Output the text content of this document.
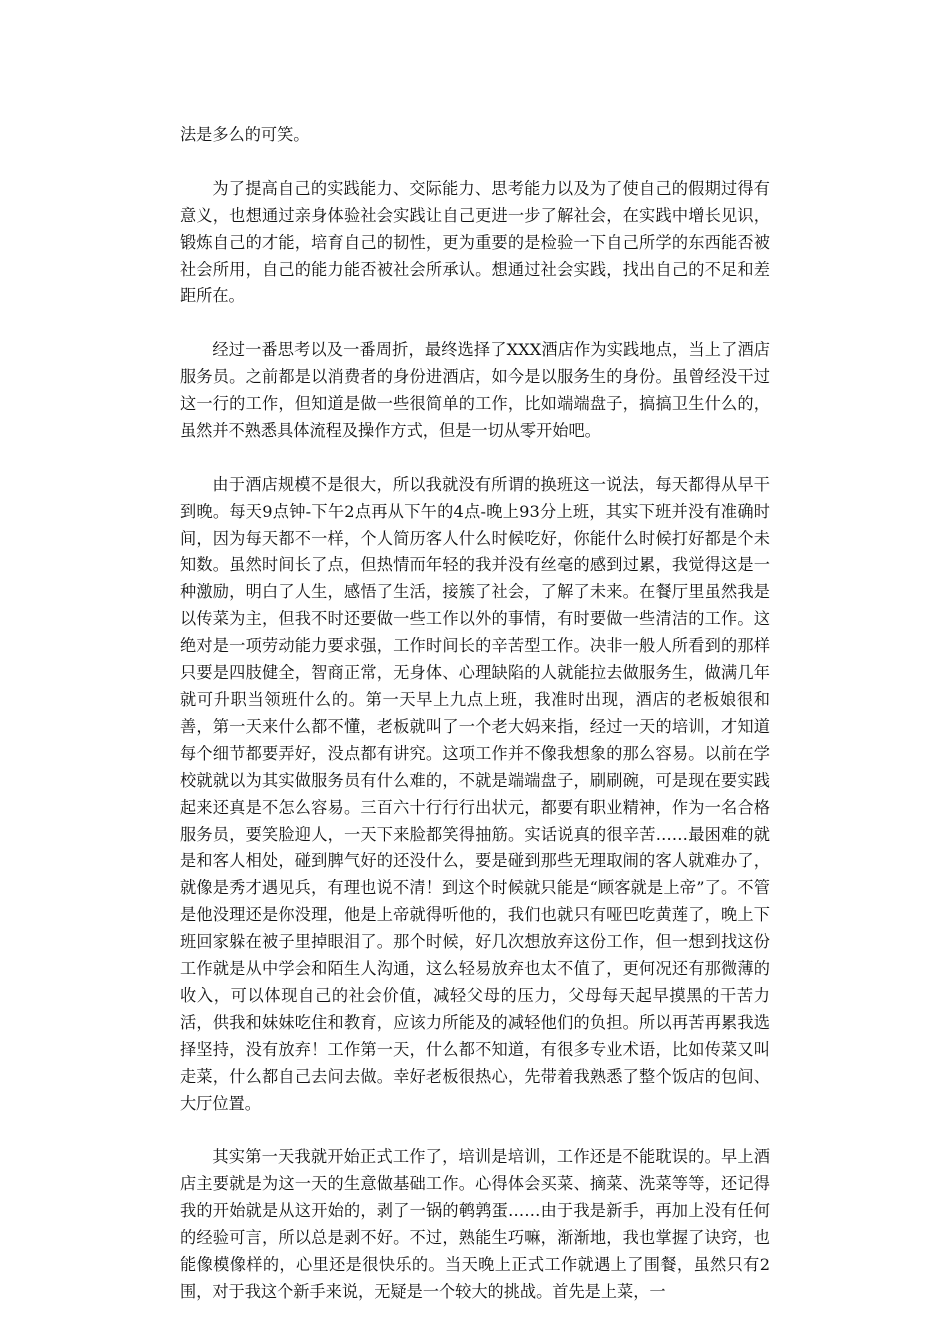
法是多么的可笑。

为了提高自己的实践能力、交际能力、思考能力以及为了使自己的假期过得有意义，也想通过亲身体验社会实践让自己更进一步了解社会，在实践中增长见识，锻炼自己的才能，培育自己的韧性，更为重要的是检验一下自己所学的东西能否被社会所用，自己的能力能否被社会所承认。想通过社会实践，找出自己的不足和差距所在。

经过一番思考以及一番周折，最终选择了XXX酒店作为实践地点，当上了酒店服务员。之前都是以消费者的身份进酒店，如今是以服务生的身份。虽曾经没干过这一行的工作，但知道是做一些很简单的工作，比如端端盘子，搞搞卫生什么的，虽然并不熟悉具体流程及操作方式，但是一切从零开始吧。

由于酒店规模不是很大，所以我就没有所谓的换班这一说法，每天都得从早干到晚。每天9点钟-下午2点再从下午的4点-晚上93分上班，其实下班并没有准确时间，因为每天都不一样，个人简历客人什么时候吃好，你能什么时候打好都是个未知数。虽然时间长了点，但热情而年轻的我并没有丝毫的感到过累，我觉得这是一种激励，明白了人生，感悟了生活，接簇了社会，了解了未来。在餐厅里虽然我是以传菜为主，但我不时还要做一些工作以外的事情，有时要做一些清洁的工作。这绝对是一项劳动能力要求强，工作时间长的辛苦型工作。决非一般人所看到的那样只要是四肢健全，智商正常，无身体、心理缺陷的人就能拉去做服务生，做满几年就可升职当领班什么的。第一天早上九点上班，我准时出现，酒店的老板娘很和善，第一天来什么都不懂，老板就叫了一个老大妈来指，经过一天的培训，才知道每个细节都要弄好，没点都有讲究。这项工作并不像我想象的那么容易。以前在学校就就以为其实做服务员有什么难的，不就是端端盘子，刷刷碗，可是现在要实践起来还真是不怎么容易。三百六十行行行出状元，都要有职业精神，作为一名合格服务员，要笑脸迎人，一天下来脸都笑得抽筋。实话说真的很辛苦……最困难的就是和客人相处，碰到脾气好的还没什么，要是碰到那些无理取闹的客人就难办了，就像是秀才遇见兵，有理也说不清！到这个时候就只能是“顾客就是上帝”了。不管是他没理还是你没理，他是上帝就得听他的，我们也就只有哑巴吃黄莲了，晚上下班回家躲在被子里掉眼泪了。那个时候，好几次想放弃这份工作，但一想到找这份工作就是从中学会和陌生人沟通，这么轻易放弃也太不值了，更何况还有那微薄的收入，可以体现自己的社会价值，减轻父母的压力，父母每天起早摸黑的干苦力活，供我和妹妹吃住和教育，应该力所能及的减轻他们的负担。所以再苦再累我选择坚持，没有放弃！工作第一天，什么都不知道，有很多专业术语，比如传菜又叫走菜，什么都自己去问去做。幸好老板很热心，先带着我熟悉了整个饭店的包间、大厅位置。

其实第一天我就开始正式工作了，培训是培训，工作还是不能耽误的。早上酒店主要就是为这一天的生意做基础工作。心得体会买菜、摘菜、洗菜等等，还记得我的开始就是从这开始的，剥了一锅的鹌鹑蛋……由于我是新手，再加上没有任何的经验可言，所以总是剥不好。不过，熟能生巧嘛，渐渐地，我也掌握了诀窍，也能像模像样的，心里还是很快乐的。当天晚上正式工作就遇上了围餐，虽然只有2围，对于我这个新手来说，无疑是一个较大的挑战。首先是上菜，一
